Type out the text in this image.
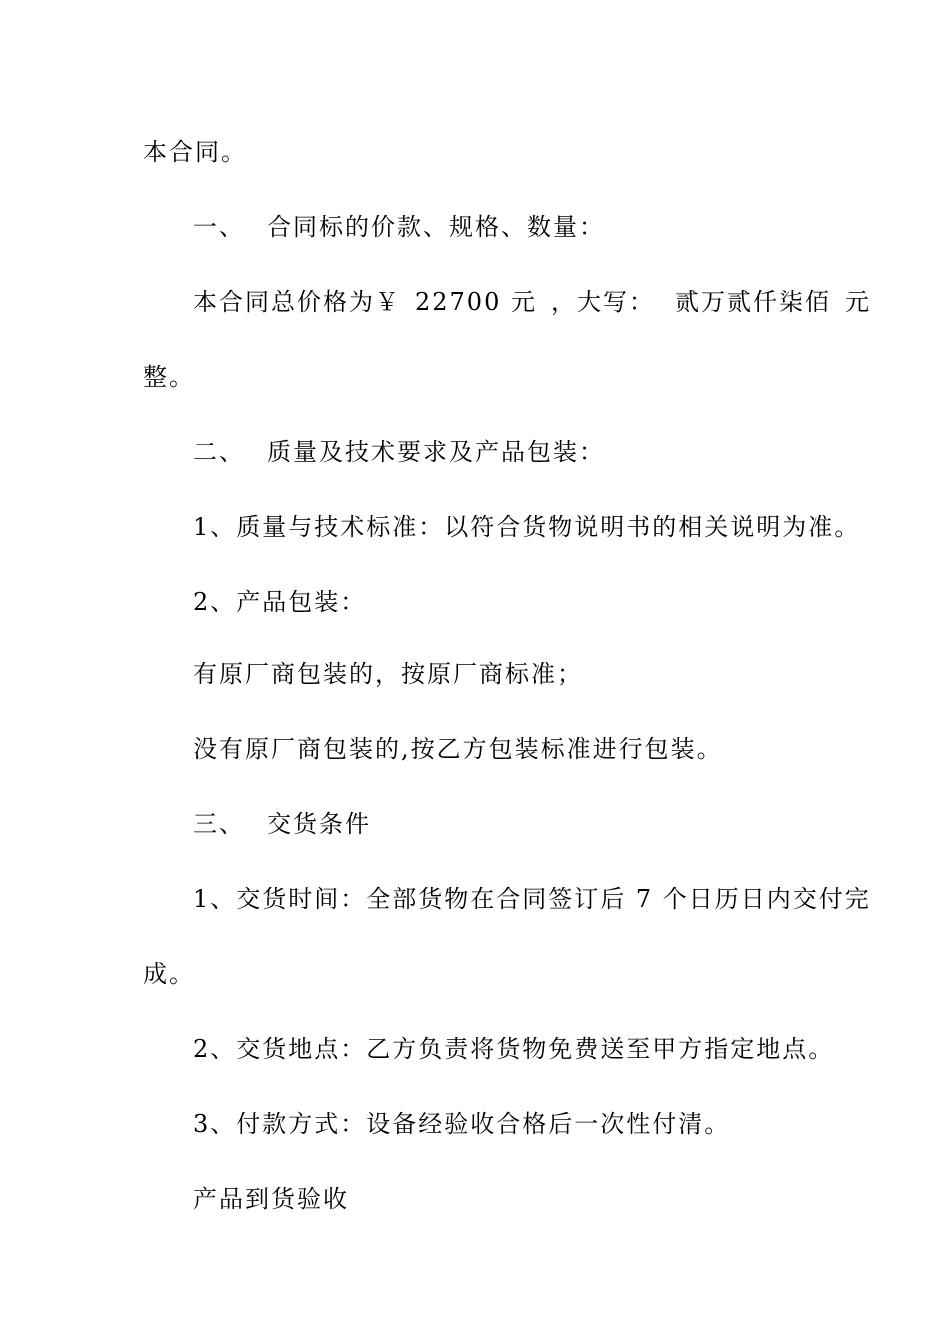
本合同。
一、 合同标的价款、规格、数量：
本合同总价格为￥ 22700 元 ，大写： 贰万贰仟柒佰 元
整。
二、 质量及技术要求及产品包装：
1、质量与技术标准：以符合货物说明书的相关说明为准。
2、产品包装：
有原厂商包装的，按原厂商标准；
没有原厂商包装的,按乙方包装标准进行包装。
三、 交货条件
1、交货时间：全部货物在合同签订后 7 个日历日内交付完
成。
2、交货地点：乙方负责将货物免费送至甲方指定地点。
3、付款方式：设备经验收合格后一次性付清。
产品到货验收
